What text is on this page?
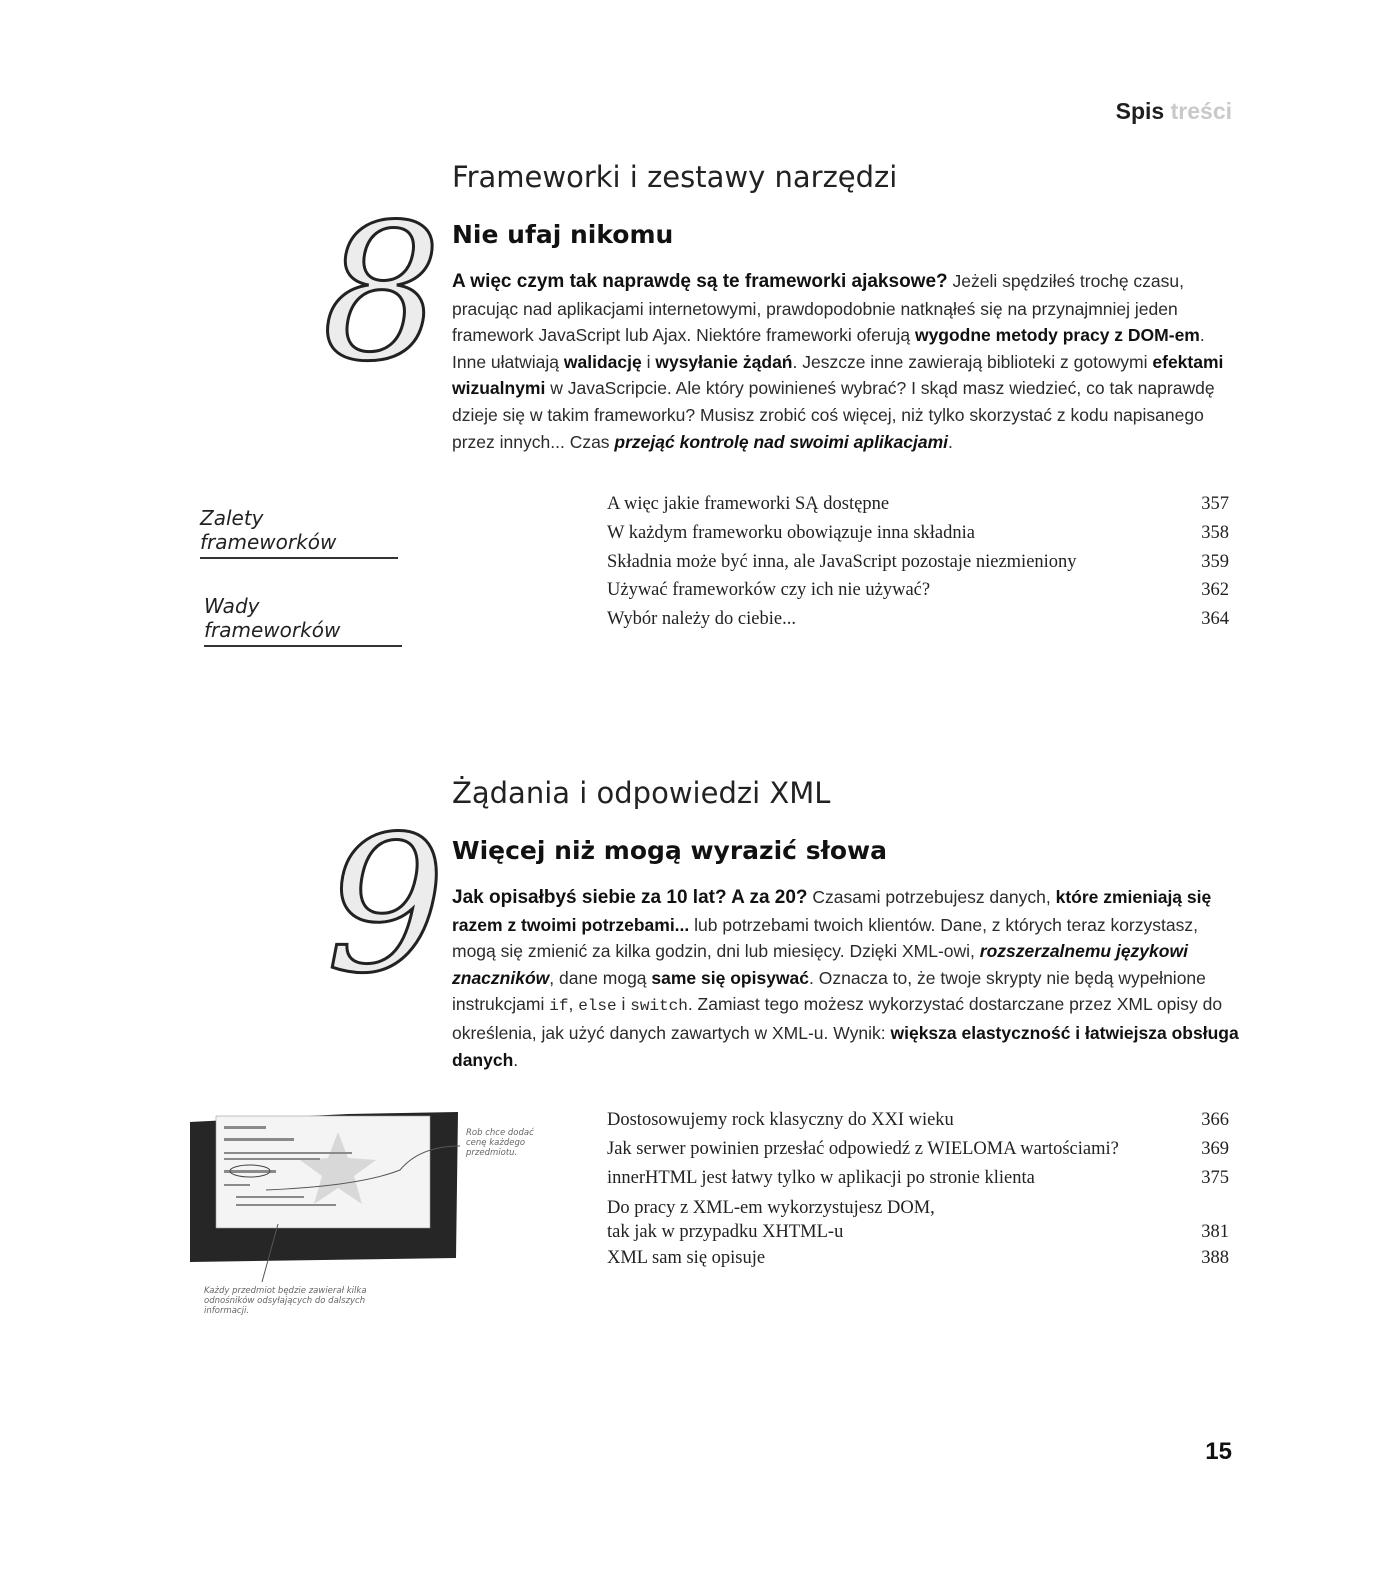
Spis treści
8
Frameworki i zestawy narzędzi
Nie ufaj nikomu
A więc czym tak naprawdę są te frameworki ajaksowe? Jeżeli spędziłeś trochę czasu, pracując nad aplikacjami internetowymi, prawdopodobnie natknąłeś się na przynajmniej jeden framework JavaScript lub Ajax. Niektóre frameworki oferują wygodne metody pracy z DOM-em. Inne ułatwiają walidację i wysyłanie żądań. Jeszcze inne zawierają biblioteki z gotowymi efektami wizualnymi w JavaScripcie. Ale który powinieneś wybrać? I skąd masz wiedzieć, co tak naprawdę dzieje się w takim frameworku? Musisz zrobić coś więcej, niż tylko skorzystać z kodu napisanego przez innych... Czas przejąć kontrolę nad swoimi aplikacjami.
Zalety frameworków
Wady frameworków
A więc jakie frameworki SĄ dostępne	357
W każdym frameworku obowiązuje inna składnia	358
Składnia może być inna, ale JavaScript pozostaje niezmieniony	359
Używać frameworków czy ich nie używać?	362
Wybór należy do ciebie...	364
9
Żądania i odpowiedzi XML
Więcej niż mogą wyrazić słowa
Jak opisałbyś siebie za 10 lat? A za 20? Czasami potrzebujesz danych, które zmieniają się razem z twoimi potrzebami... lub potrzebami twoich klientów. Dane, z których teraz korzystasz, mogą się zmienić za kilka godzin, dni lub miesięcy. Dzięki XML-owi, rozszerzalnemu językowi znaczników, dane mogą same się opisywać. Oznacza to, że twoje skrypty nie będą wypełnione instrukcjami if, else i switch. Zamiast tego możesz wykorzystać dostarczane przez XML opisy do określenia, jak użyć danych zawartych w XML-u. Wynik: większa elastyczność i łatwiejsza obsługa danych.
Rob chce dodać cenę każdego przedmiotu.
Każdy przedmiot będzie zawierał kilka odnośników odsyłających do dalszych informacji.
Dostosowujemy rock klasyczny do XXI wieku	366
Jak serwer powinien przesłać odpowiedź z WIELOMA wartościami?	369
innerHTML jest łatwy tylko w aplikacji po stronie klienta	375
Do pracy z XML-em wykorzystujesz DOM,
tak jak w przypadku XHTML-u	381
XML sam się opisuje	388
15
